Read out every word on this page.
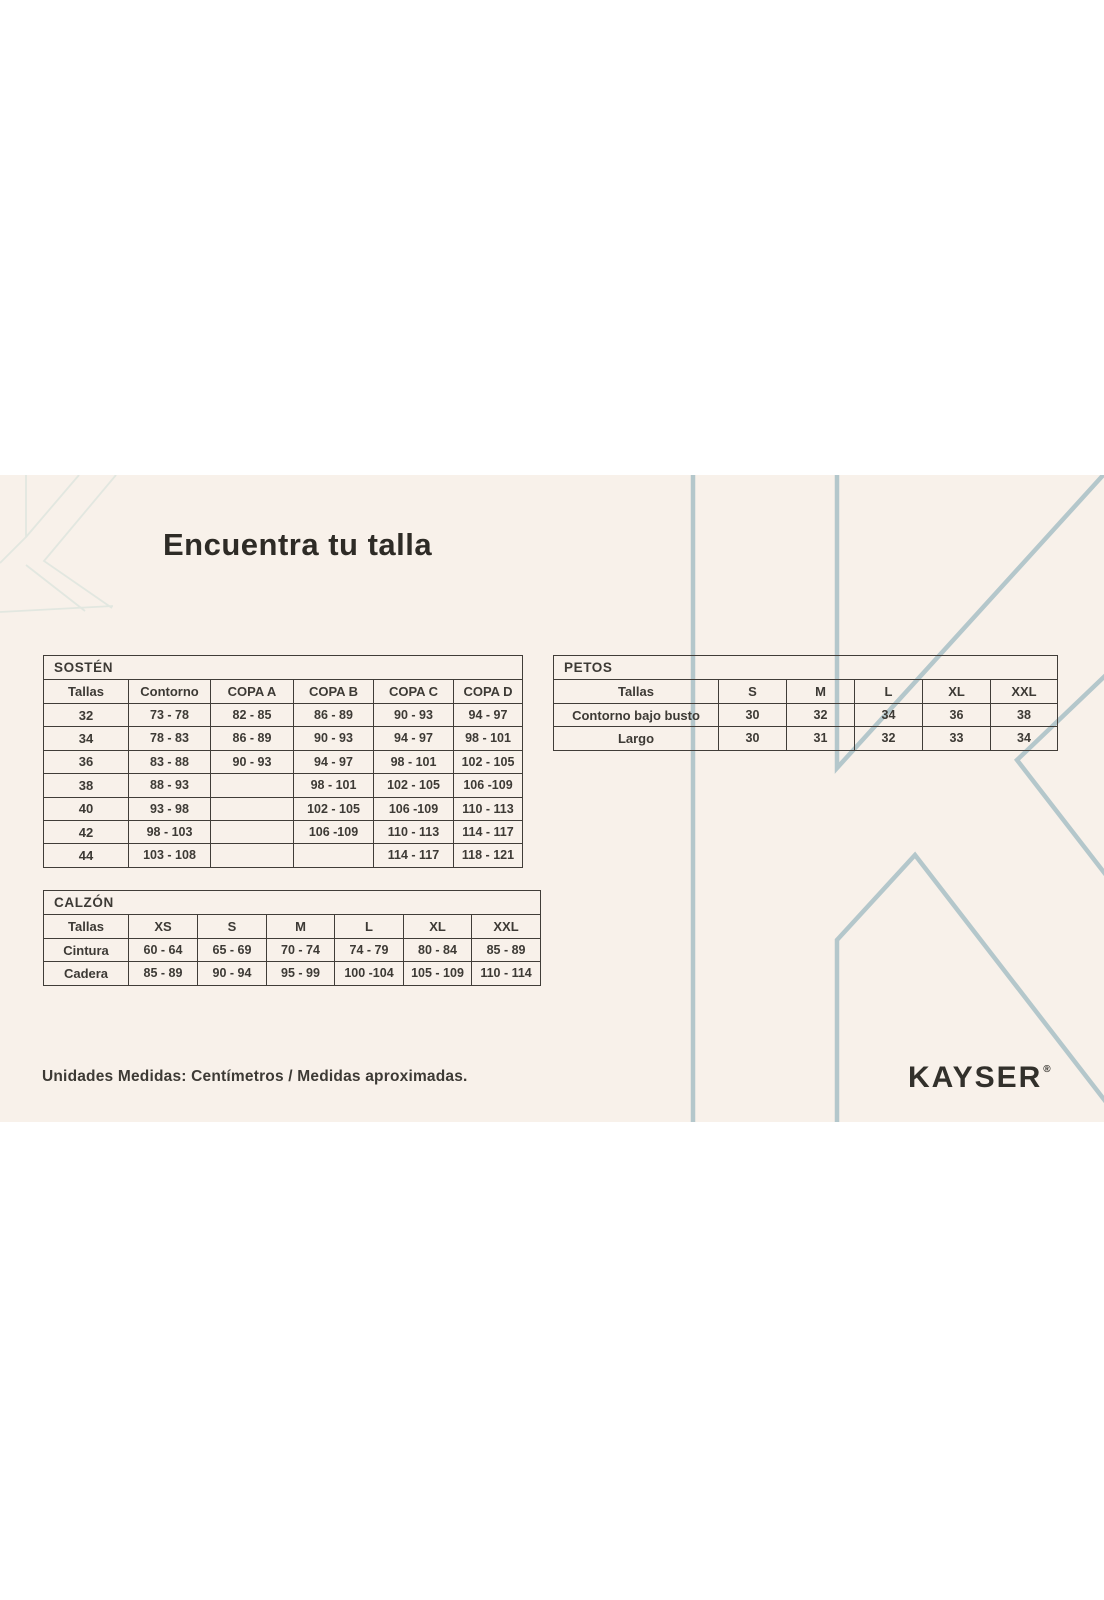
Encuentra tu talla
SOSTÉN					
Tallas	Contorno	COPA A	COPA B	COPA C	COPA D
32	73 - 78	82 - 85	86 - 89	90 - 93	94 - 97
34	78 - 83	86 - 89	90 - 93	94 - 97	98 - 101
36	83 - 88	90 - 93	94 - 97	98 - 101	102 - 105
38	88 - 93		98 - 101	102 - 105	106 -109
40	93 - 98		102 - 105	106 -109	110 - 113
42	98 - 103		106 -109	110 - 113	114 - 117
44	103 - 108			114 - 117	118 - 121
PETOS					
Tallas	S	M	L	XL	XXL
Contorno bajo busto	30	32	34	36	38
Largo	30	31	32	33	34
CALZÓN						
Tallas	XS	S	M	L	XL	XXL
Cintura	60 - 64	65 - 69	70 - 74	74 - 79	80 - 84	85 - 89
Cadera	85 - 89	90 - 94	95 - 99	100 -104	105 - 109	110 - 114

Unidades Medidas: Centímetros / Medidas aproximadas.	KAYSER®
